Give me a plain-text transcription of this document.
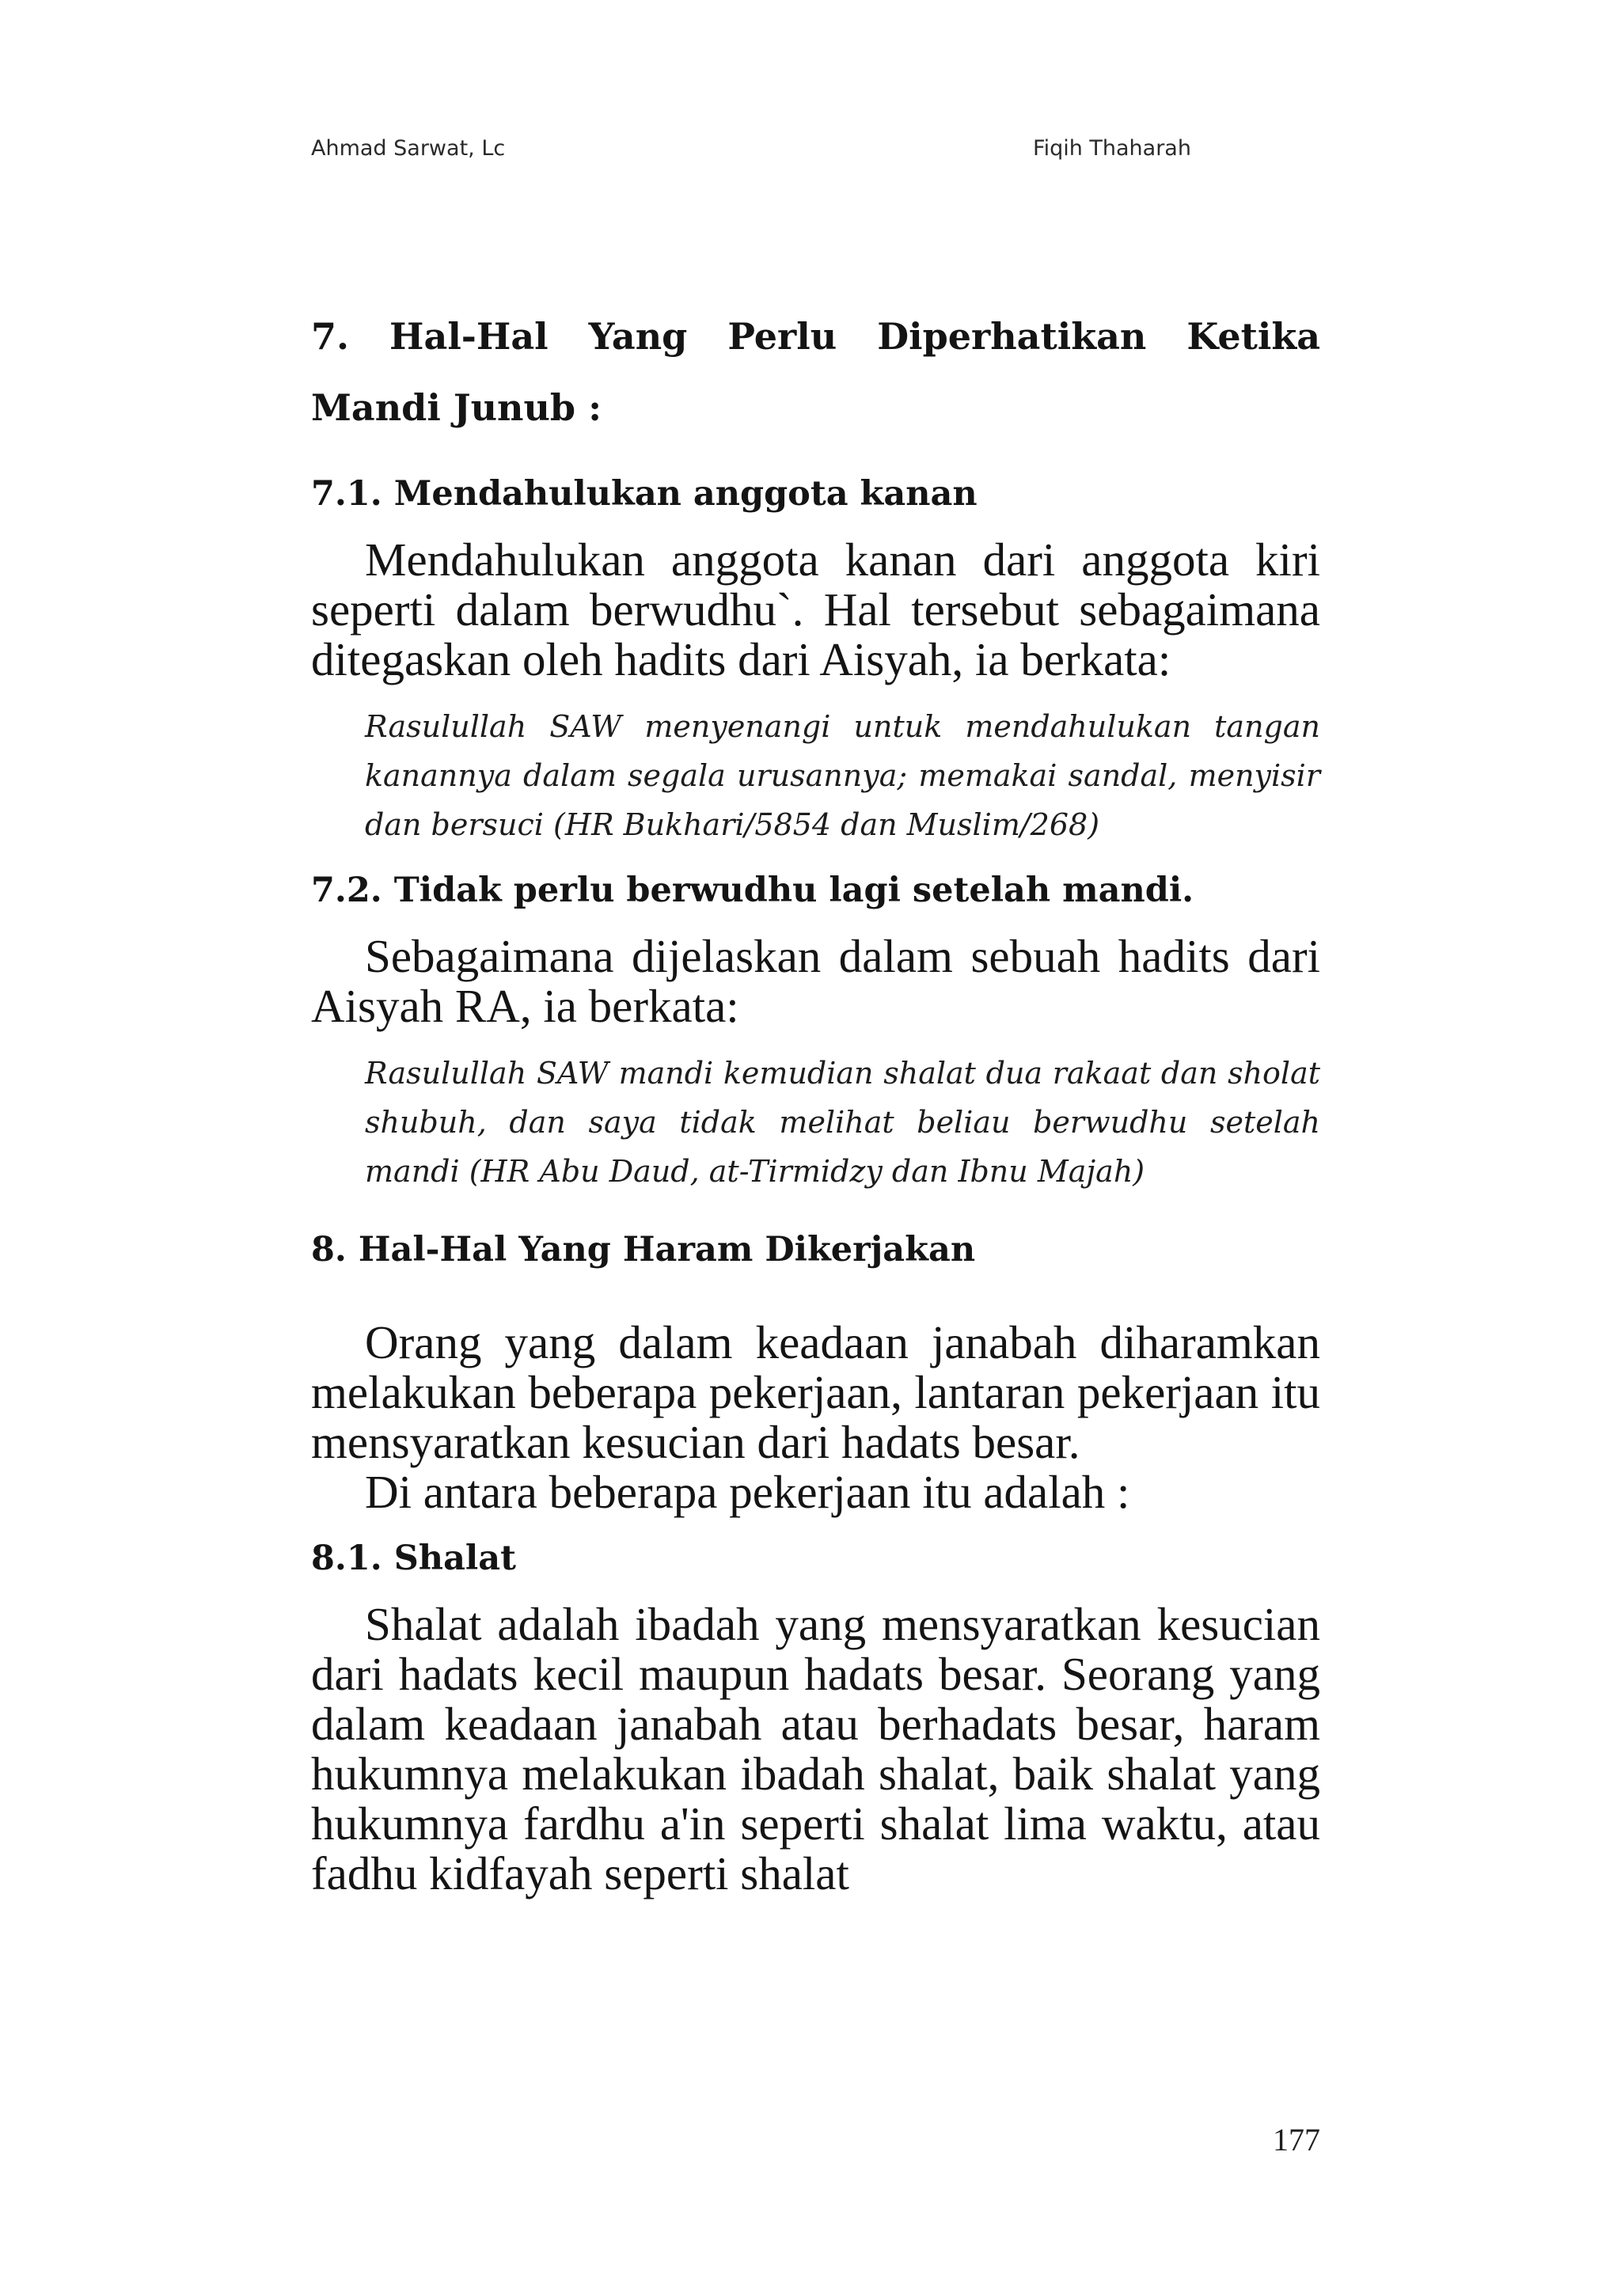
Ahmad Sarwat, Lc	Fiqih Thaharah
7. Hal-Hal Yang Perlu Diperhatikan Ketika Mandi Junub :
7.1. Mendahulukan anggota kanan

Mendahulukan anggota kanan dari anggota kiri seperti dalam berwudhu`. Hal tersebut sebagaimana ditegaskan oleh hadits dari Aisyah, ia berkata:

Rasulullah SAW menyenangi untuk mendahulukan tangan kanannya dalam segala urusannya; memakai sandal, menyisir dan bersuci (HR Bukhari/5854 dan Muslim/268)

7.2. Tidak perlu berwudhu lagi setelah mandi.

Sebagaimana dijelaskan dalam sebuah hadits dari Aisyah RA, ia berkata:

Rasulullah SAW mandi kemudian shalat dua rakaat dan sholat shubuh, dan saya tidak melihat beliau berwudhu setelah mandi (HR Abu Daud, at-Tirmidzy dan Ibnu Majah)

8. Hal-Hal Yang Haram Dikerjakan

Orang yang dalam keadaan janabah diharamkan melakukan beberapa pekerjaan, lantaran pekerjaan itu mensyaratkan kesucian dari hadats besar.

Di antara beberapa pekerjaan itu adalah :

8.1. Shalat

Shalat adalah ibadah yang mensyaratkan kesucian dari hadats kecil maupun hadats besar. Seorang yang dalam keadaan janabah atau berhadats besar, haram hukumnya melakukan ibadah shalat, baik shalat yang hukumnya fardhu a'in seperti shalat lima waktu, atau fadhu kidfayah seperti shalat

177
